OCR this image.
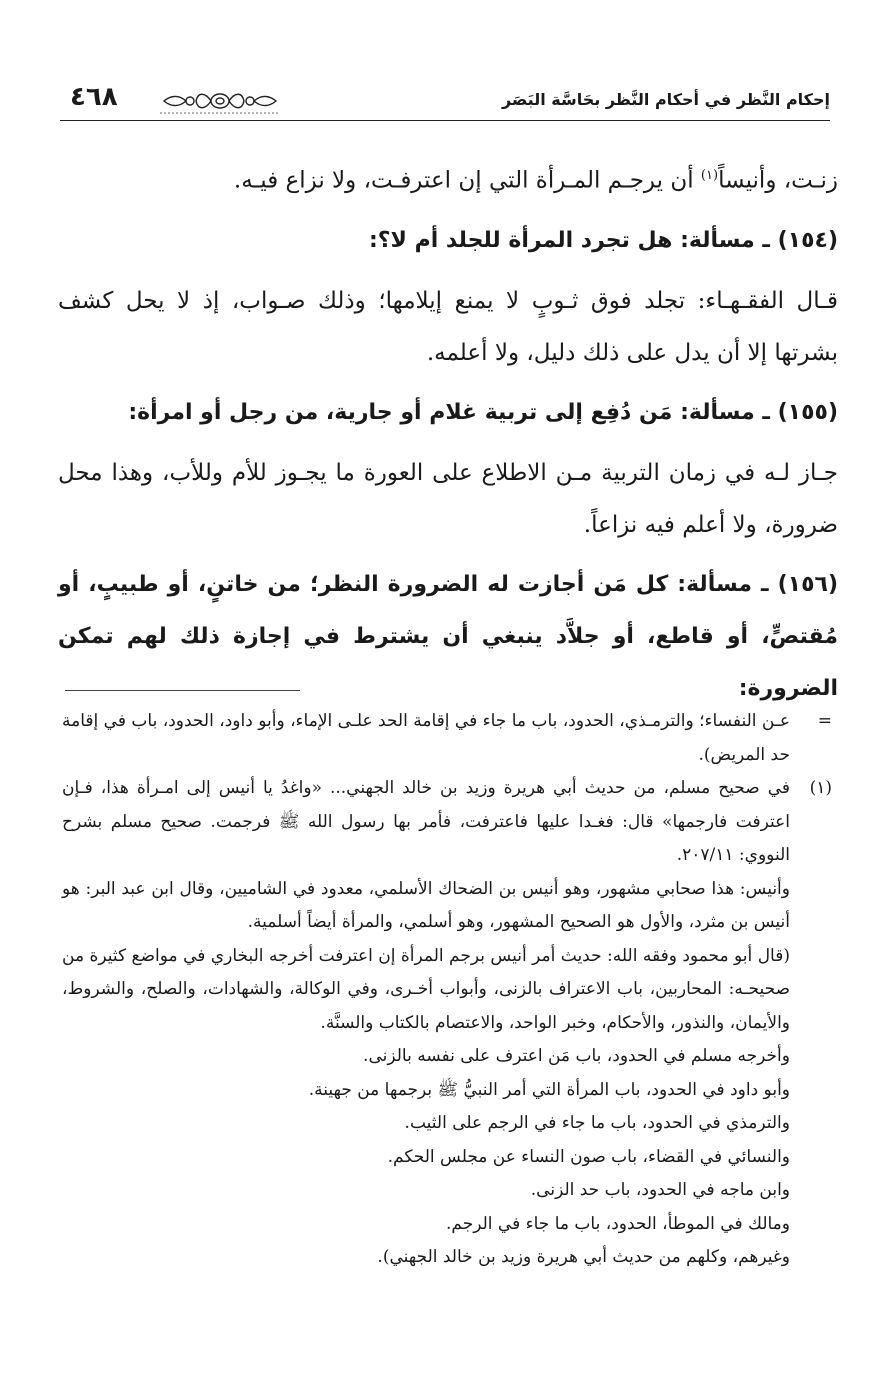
إحكام النَّظر في أحكام النَّظر بحَاسَّة البَصَر
٤٦٨

زنـت، وأنيساً$^{(١)}$ أن يرجـم المـرأة التي إن اعترفـت، ولا نزاع فيـه.

(١٥٤) ـ مسألة: هل تجرد المرأة للجلد أم لا؟:

قـال الفقـهـاء: تجلد فوق ثـوبٍ لا يمنع إيلامها؛ وذلك صـواب، إذ لا يحل كشف بشرتها إلا أن يدل على ذلك دليل، ولا أعلمه.

(١٥٥) ـ مسألة: مَن دُفِع إلى تربية غلام أو جارية، من رجل أو امرأة:

جـاز لـه في زمان التربية مـن الاطلاع على العورة ما يجـوز للأم وللأب، وهذا محل ضرورة، ولا أعلم فيه نزاعاً.

(١٥٦) ـ مسألة: كل مَن أجازت له الضرورة النظر؛ من خاتنٍ، أو طبيبٍ، أو مُقتصٍّ، أو قاطع، أو جلاَّد ينبغي أن يشترط في إجازة ذلك لهم تمكن الضرورة:

=
عـن النفساء؛ والترمـذي، الحدود، باب ما جاء في إقامة الحد علـى الإماء، وأبو داود، الحدود، باب في إقامة حد المريض).
(١)
في صحيح مسلم، من حديث أبي هريرة وزيد بن خالد الجهني... «واغدُ يا أنيس إلى امـرأة هذا، فـإن اعترفت فارجمها» قال: فغـدا عليها فاعترفت، فأمر بها رسول الله ﷺ فرجمت. صحيح مسلم بشرح النووي: ٢٠٧/١١.
وأنيس: هذا صحابي مشهور، وهو أنيس بن الضحاك الأسلمي، معدود في الشاميين، وقال ابن عبد البر: هو أنيس بن مثرد، والأول هو الصحيح المشهور، وهو أسلمي، والمرأة أيضاً أسلمية.
(قال أبو محمود وفقه الله: حديث أمر أنيس برجم المرأة إن اعترفت أخرجه البخاري في مواضع كثيرة من صحيحـه: المحاربين، باب الاعتراف بالزنى، وأبواب أخـرى، وفي الوكالة، والشهادات، والصلح، والشروط، والأيمان، والنذور، والأحكام، وخبر الواحد، والاعتصام بالكتاب والسنَّة.
وأخرجه مسلم في الحدود، باب مَن اعترف على نفسه بالزنى.
وأبو داود في الحدود، باب المرأة التي أمر النبيُّ ﷺ برجمها من جهينة.
والترمذي في الحدود، باب ما جاء في الرجم على الثيب.
والنسائي في القضاء، باب صون النساء عن مجلس الحكم.
وابن ماجه في الحدود، باب حد الزنى.
ومالك في الموطأ، الحدود، باب ما جاء في الرجم.
وغيرهم، وكلهم من حديث أبي هريرة وزيد بن خالد الجهني).
